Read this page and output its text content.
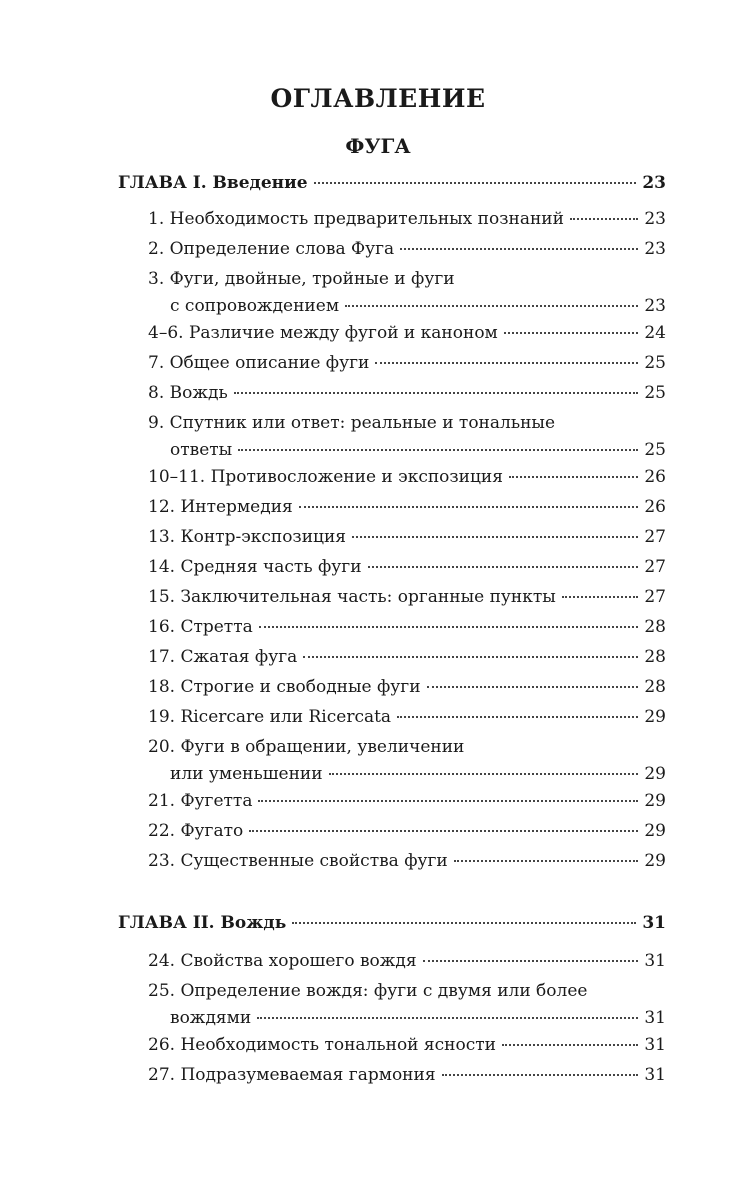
ОГЛАВЛЕНИЕ
ФУГА
ГЛАВА I. Введение	23
1. Необходимость предварительных познаний	23
2. Определение слова Фуга	23
3. Фуги, двойные, тройные и фуги
с сопровождением	23
4–6. Различие между фугой и каноном	24
7. Общее описание фуги	25
8. Вождь	25
9. Спутник или ответ: реальные и тональные
ответы	25
10–11. Противосложение и экспозиция	26
12. Интермедия	26
13. Контр-экспозиция	27
14. Средняя часть фуги	27
15. Заключительная часть: органные пункты	27
16. Стретта	28
17. Сжатая фуга	28
18. Строгие и свободные фуги	28
19. Ricercare или Ricercata	29
20. Фуги в обращении, увеличении
или уменьшении	29
21. Фугетта	29
22. Фугато	29
23. Существенные свойства фуги	29
ГЛАВА II. Вождь	31
24. Свойства хорошего вождя	31
25. Определение вождя: фуги с двумя или более
вождями	31
26. Необходимость тональной ясности	31
27. Подразумеваемая гармония	31
